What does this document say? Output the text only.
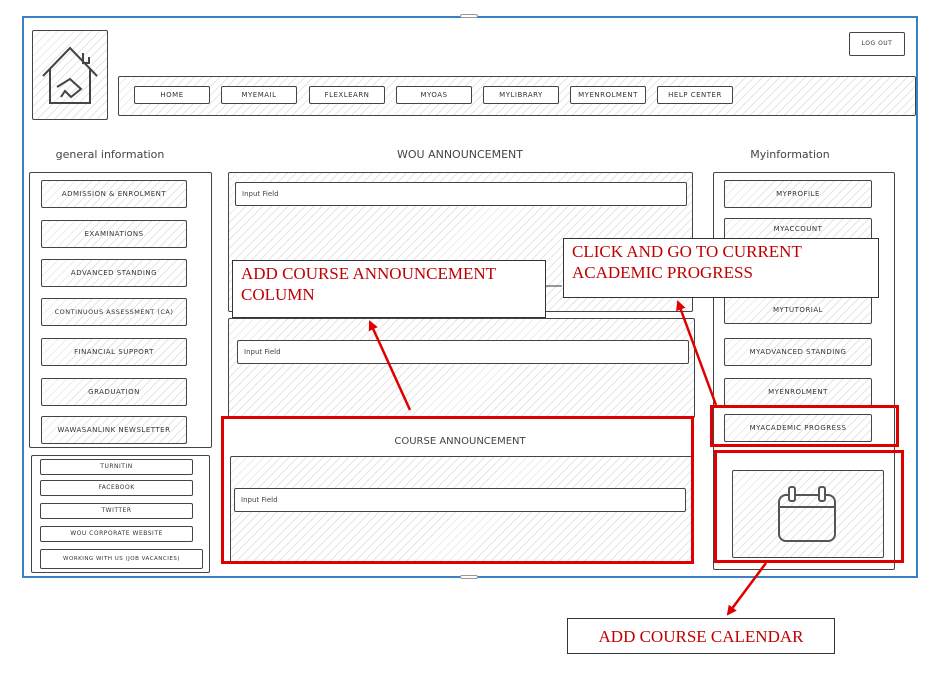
LOG OUT
HOME	MYEMAIL	FLEXLEARN	MYOAS	MYLIBRARY	MYENROLMENT	HELP CENTER
general information	WOU ANNOUNCEMENT	Myinformation
ADMISSION & ENROLMENT
EXAMINATIONS
ADVANCED STANDING
CONTINUOUS ASSESSMENT (CA)
FINANCIAL SUPPORT
GRADUATION
WAWASANLINK NEWSLETTER
TURNITIN
FACEBOOK
TWITTER
WOU CORPORATE WEBSITE
WORKING WITH US (JOB VACANCIES)
Input Field
Input Field
COURSE ANNOUNCEMENT
Input Field
MYPROFILE
MYACCOUNT
MYTUTORIAL
MYADVANCED STANDING
MYENROLMENT
MYACADEMIC PROGRESS
ADD COURSE ANNOUNCEMENT COLUMN
CLICK AND GO TO CURRENT ACADEMIC PROGRESS
ADD COURSE CALENDAR
